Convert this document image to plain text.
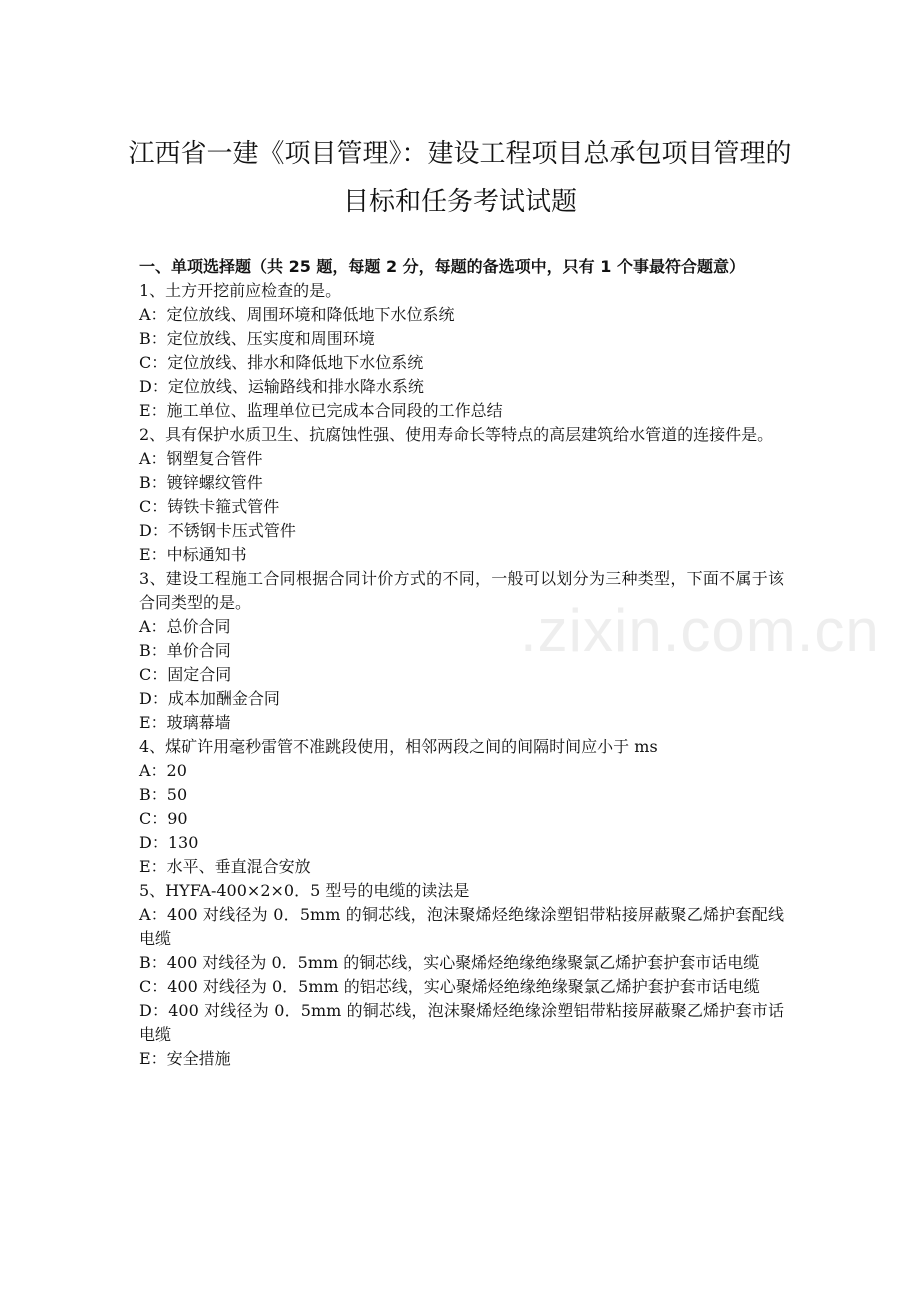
.zixin.com.cn
江西省一建《项目管理》：建设工程项目总承包项目管理的
目标和任务考试试题
一、单项选择题（共 25 题，每题 2 分，每题的备选项中，只有 1 个事最符合题意）
1、土方开挖前应检查的是。
A：定位放线、周围环境和降低地下水位系统
B：定位放线、压实度和周围环境
C：定位放线、排水和降低地下水位系统
D：定位放线、运输路线和排水降水系统
E：施工单位、监理单位已完成本合同段的工作总结
2、具有保护水质卫生、抗腐蚀性强、使用寿命长等特点的高层建筑给水管道的连接件是。
A：钢塑复合管件
B：镀锌螺纹管件
C：铸铁卡箍式管件
D：不锈钢卡压式管件
E：中标通知书
3、建设工程施工合同根据合同计价方式的不同，一般可以划分为三种类型，下面不属于该合同类型的是。
A：总价合同
B：单价合同
C：固定合同
D：成本加酬金合同
E：玻璃幕墙
4、煤矿许用毫秒雷管不准跳段使用，相邻两段之间的间隔时间应小于 ms
A：20
B：50
C：90
D：130
E：水平、垂直混合安放
5、HYFA-400×2×0．5 型号的电缆的读法是
A：400 对线径为 0．5mm 的铜芯线，泡沫聚烯烃绝缘涂塑铝带粘接屏蔽聚乙烯护套配线电缆
B：400 对线径为 0．5mm 的铜芯线，实心聚烯烃绝缘绝缘聚氯乙烯护套护套市话电缆
C：400 对线径为 0．5mm 的铝芯线，实心聚烯烃绝缘绝缘聚氯乙烯护套护套市话电缆
D：400 对线径为 0．5mm 的铜芯线，泡沫聚烯烃绝缘涂塑铝带粘接屏蔽聚乙烯护套市话电缆
E：安全措施
